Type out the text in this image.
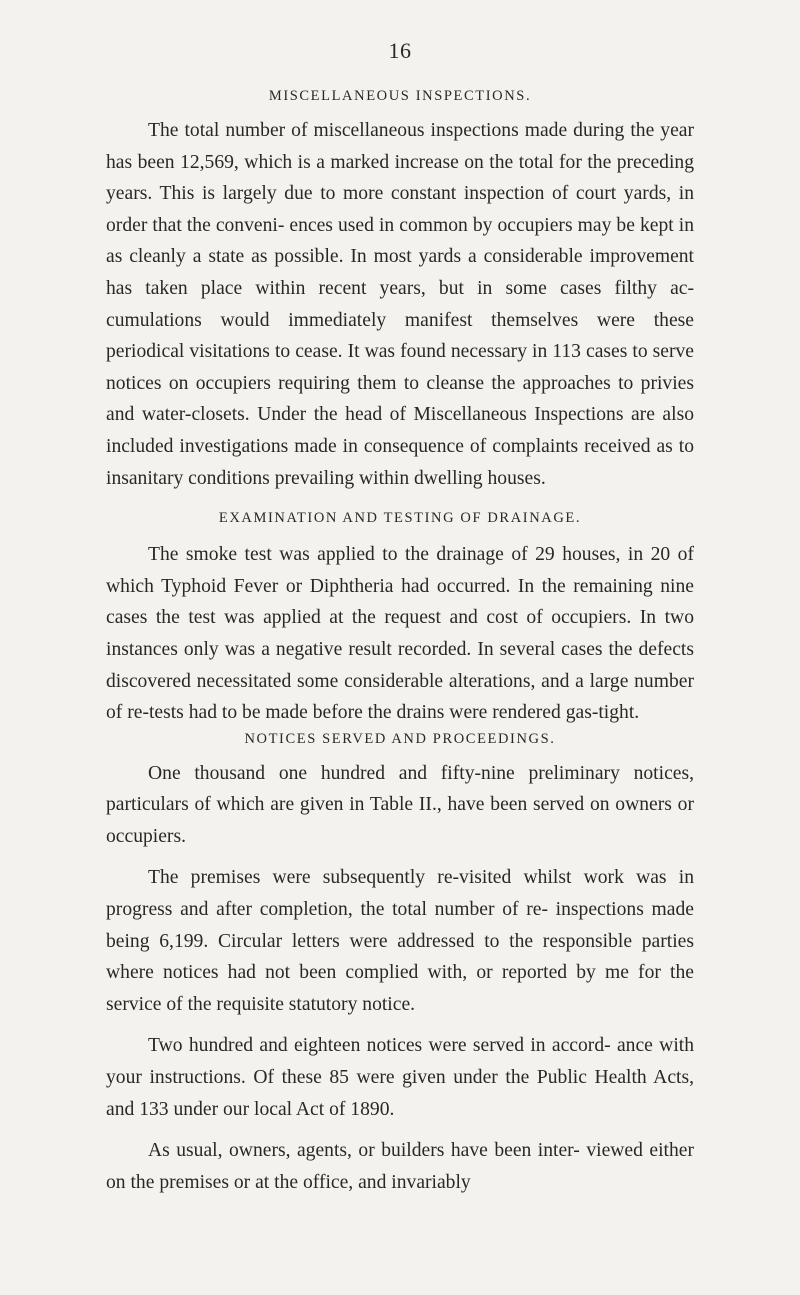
16
MISCELLANEOUS INSPECTIONS.

The total number of miscellaneous inspections made during the year has been 12,569, which is a marked increase on the total for the preceding years. This is largely due to more constant inspection of court yards, in order that the conveni- ences used in common by occupiers may be kept in as cleanly a state as possible. In most yards a considerable improvement has taken place within recent years, but in some cases filthy ac- cumulations would immediately manifest themselves were these periodical visitations to cease. It was found necessary in 113 cases to serve notices on occupiers requiring them to cleanse the approaches to privies and water-closets. Under the head of Miscellaneous Inspections are also included investigations made in consequence of complaints received as to insanitary conditions prevailing within dwelling houses.

EXAMINATION AND TESTING OF DRAINAGE.

The smoke test was applied to the drainage of 29 houses, in 20 of which Typhoid Fever or Diphtheria had occurred. In the remaining nine cases the test was applied at the request and cost of occupiers. In two instances only was a negative result recorded. In several cases the defects discovered necessitated some considerable alterations, and a large number of re-tests had to be made before the drains were rendered gas-tight.

NOTICES SERVED AND PROCEEDINGS.

One thousand one hundred and fifty-nine preliminary notices, particulars of which are given in Table II., have been served on owners or occupiers.

The premises were subsequently re-visited whilst work was in progress and after completion, the total number of re- inspections made being 6,199. Circular letters were addressed to the responsible parties where notices had not been complied with, or reported by me for the service of the requisite statutory notice.

Two hundred and eighteen notices were served in accord- ance with your instructions. Of these 85 were given under the Public Health Acts, and 133 under our local Act of 1890.

As usual, owners, agents, or builders have been inter- viewed either on the premises or at the office, and invariably
